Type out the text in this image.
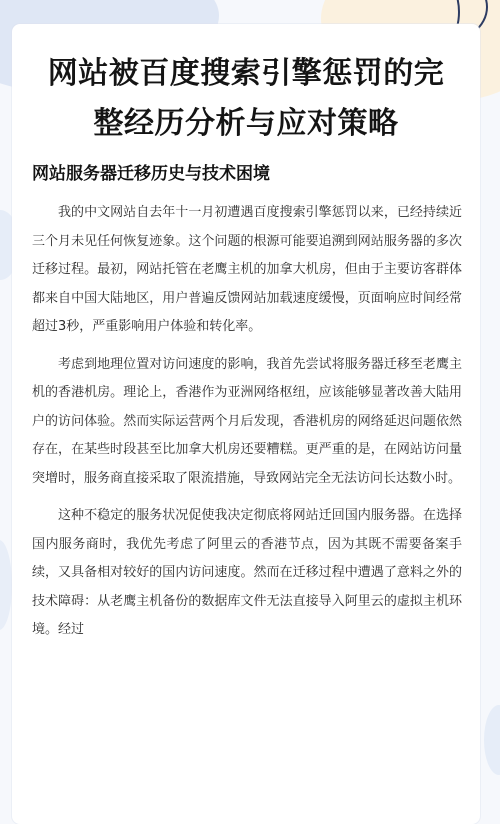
网站被百度搜索引擎惩罚的完整经历分析与应对策略
网站服务器迁移历史与技术困境

我的中文网站自去年十一月初遭遇百度搜索引擎惩罚以来，已经持续近三个月未见任何恢复迹象。这个问题的根源可能要追溯到网站服务器的多次迁移过程。最初，网站托管在老鹰主机的加拿大机房，但由于主要访客群体都来自中国大陆地区，用户普遍反馈网站加载速度缓慢，页面响应时间经常超过3秒，严重影响用户体验和转化率。

考虑到地理位置对访问速度的影响，我首先尝试将服务器迁移至老鹰主机的香港机房。理论上，香港作为亚洲网络枢纽，应该能够显著改善大陆用户的访问体验。然而实际运营两个月后发现，香港机房的网络延迟问题依然存在，在某些时段甚至比加拿大机房还要糟糕。更严重的是，在网站访问量突增时，服务商直接采取了限流措施，导致网站完全无法访问长达数小时。

这种不稳定的服务状况促使我决定彻底将网站迁回国内服务器。在选择国内服务商时，我优先考虑了阿里云的香港节点，因为其既不需要备案手续，又具备相对较好的国内访问速度。然而在迁移过程中遭遇了意料之外的技术障碍：从老鹰主机备份的数据库文件无法直接导入阿里云的虚拟主机环境。经过
